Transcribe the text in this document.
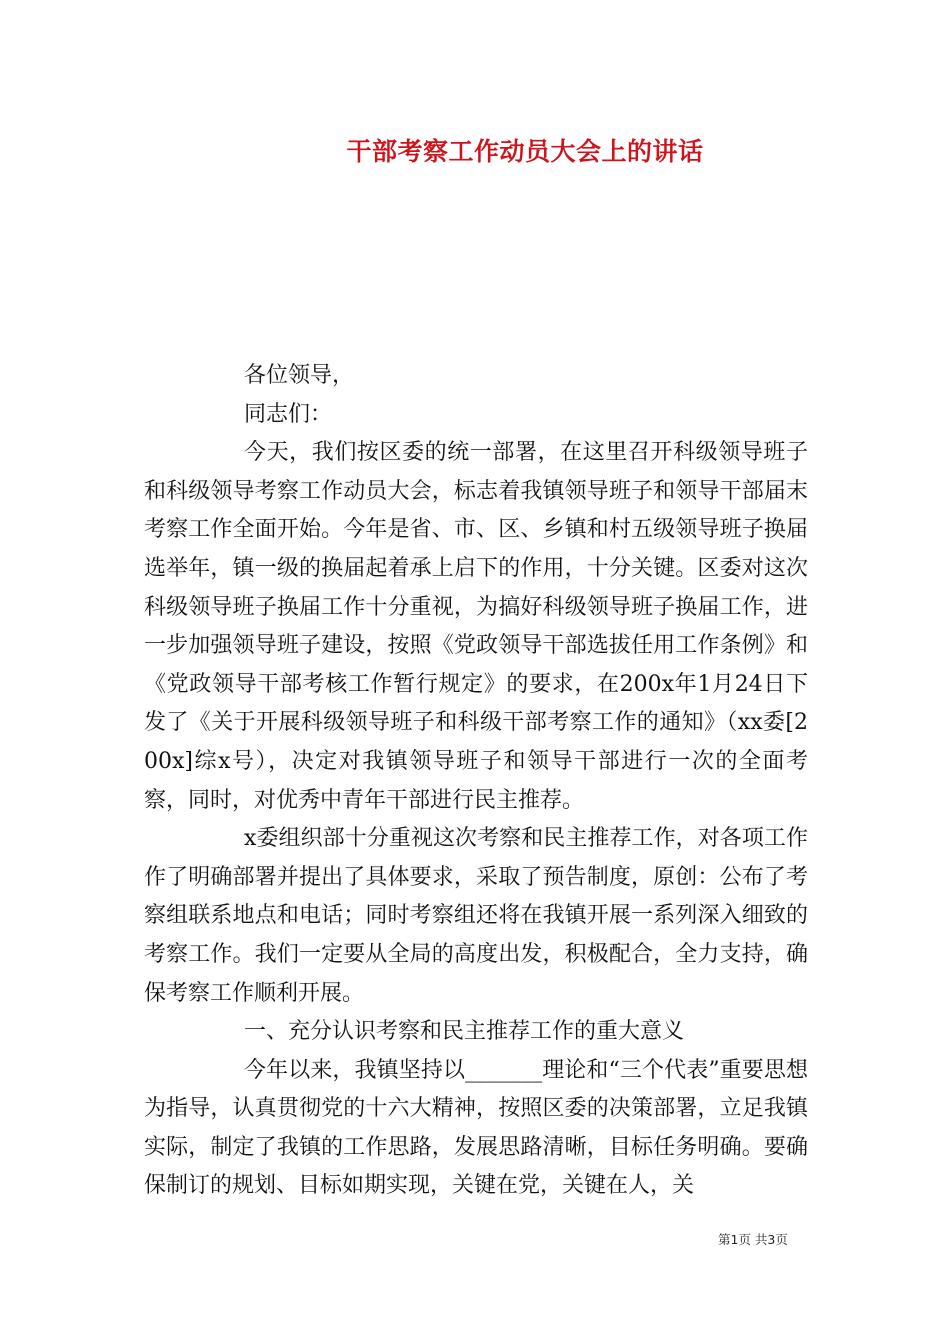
干部考察工作动员大会上的讲话

各位领导，

同志们：

今天，我们按区委的统一部署，在这里召开科级领导班子和科级领导考察工作动员大会，标志着我镇领导班子和领导干部届末考察工作全面开始。今年是省、市、区、乡镇和村五级领导班子换届选举年，镇一级的换届起着承上启下的作用，十分关键。区委对这次科级领导班子换届工作十分重视，为搞好科级领导班子换届工作，进一步加强领导班子建设，按照《党政领导干部选拔任用工作条例》和《党政领导干部考核工作暂行规定》的要求，在200x年1月24日下发了《关于开展科级领导班子和科级干部考察工作的通知》（xx委[200x]综x号），决定对我镇领导班子和领导干部进行一次的全面考察，同时，对优秀中青年干部进行民主推荐。

x委组织部十分重视这次考察和民主推荐工作，对各项工作作了明确部署并提出了具体要求，采取了预告制度，原创：公布了考察组联系地点和电话；同时考察组还将在我镇开展一系列深入细致的考察工作。我们一定要从全局的高度出发，积极配合，全力支持，确保考察工作顺利开展。

一、充分认识考察和民主推荐工作的重大意义

今年以来，我镇坚持以_______理论和“三个代表”重要思想为指导，认真贯彻党的十六大精神，按照区委的决策部署，立足我镇实际，制定了我镇的工作思路，发展思路清晰，目标任务明确。要确保制订的规划、目标如期实现，关键在党，关键在人，关

第1页 共3页
